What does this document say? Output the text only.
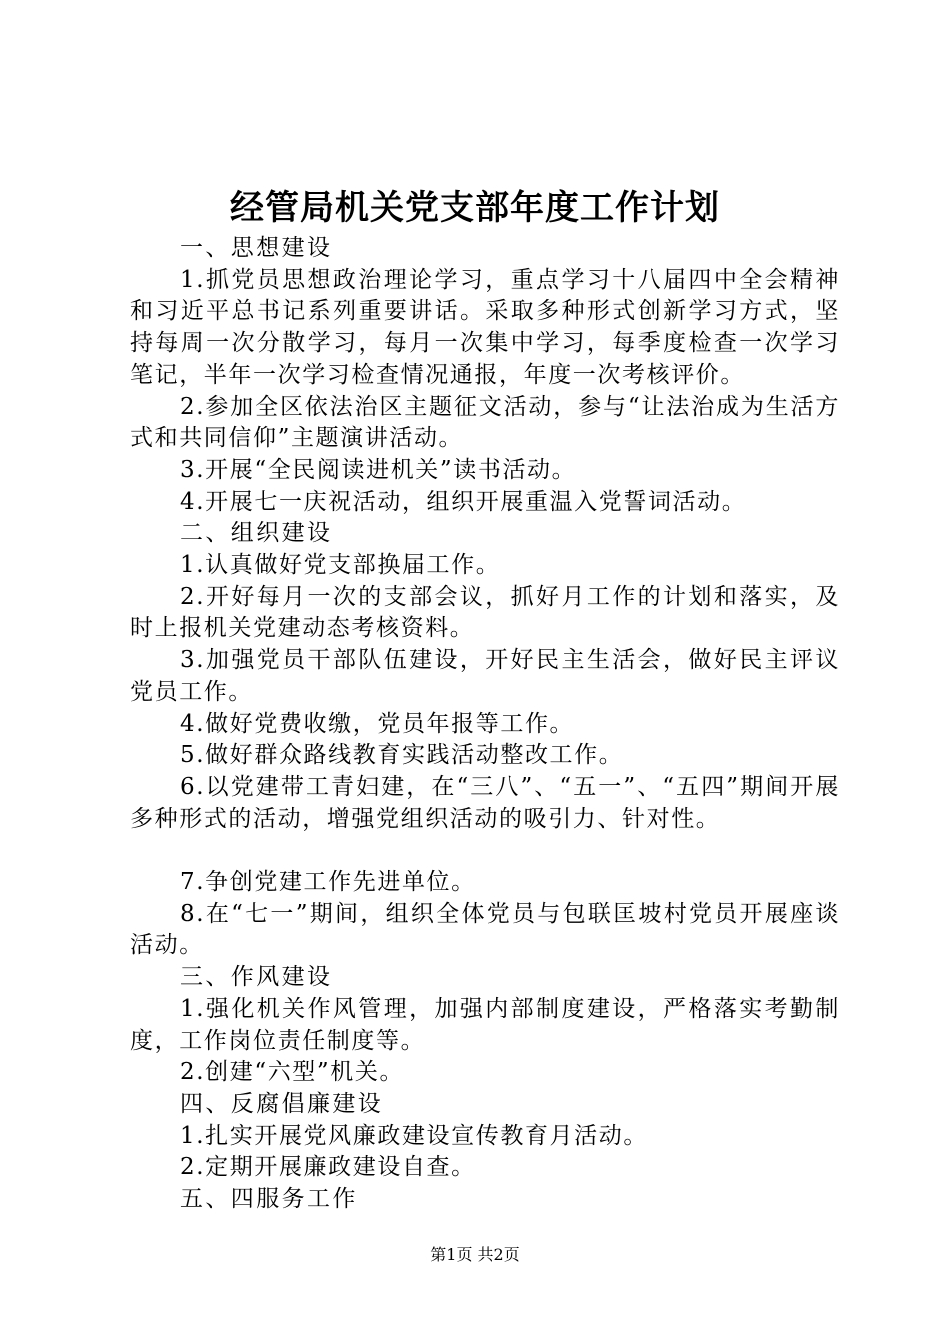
经管局机关党支部年度工作计划

一、思想建设

1.抓党员思想政治理论学习，重点学习十八届四中全会精神和习近平总书记系列重要讲话。采取多种形式创新学习方式，坚持每周一次分散学习，每月一次集中学习，每季度检查一次学习笔记，半年一次学习检查情况通报，年度一次考核评价。

2.参加全区依法治区主题征文活动，参与“让法治成为生活方式和共同信仰”主题演讲活动。

3.开展“全民阅读进机关”读书活动。

4.开展七一庆祝活动，组织开展重温入党誓词活动。

二、组织建设

1.认真做好党支部换届工作。

2.开好每月一次的支部会议，抓好月工作的计划和落实，及时上报机关党建动态考核资料。

3.加强党员干部队伍建设，开好民主生活会，做好民主评议党员工作。

4.做好党费收缴，党员年报等工作。

5.做好群众路线教育实践活动整改工作。

6.以党建带工青妇建，在“三八”、“五一”、“五四”期间开展多种形式的活动，增强党组织活动的吸引力、针对性。

7.争创党建工作先进单位。

8.在“七一”期间，组织全体党员与包联匡坡村党员开展座谈活动。

三、作风建设

1.强化机关作风管理，加强内部制度建设，严格落实考勤制度，工作岗位责任制度等。

2.创建“六型”机关。

四、反腐倡廉建设

1.扎实开展党风廉政建设宣传教育月活动。

2.定期开展廉政建设自查。

五、四服务工作

第1页 共2页
